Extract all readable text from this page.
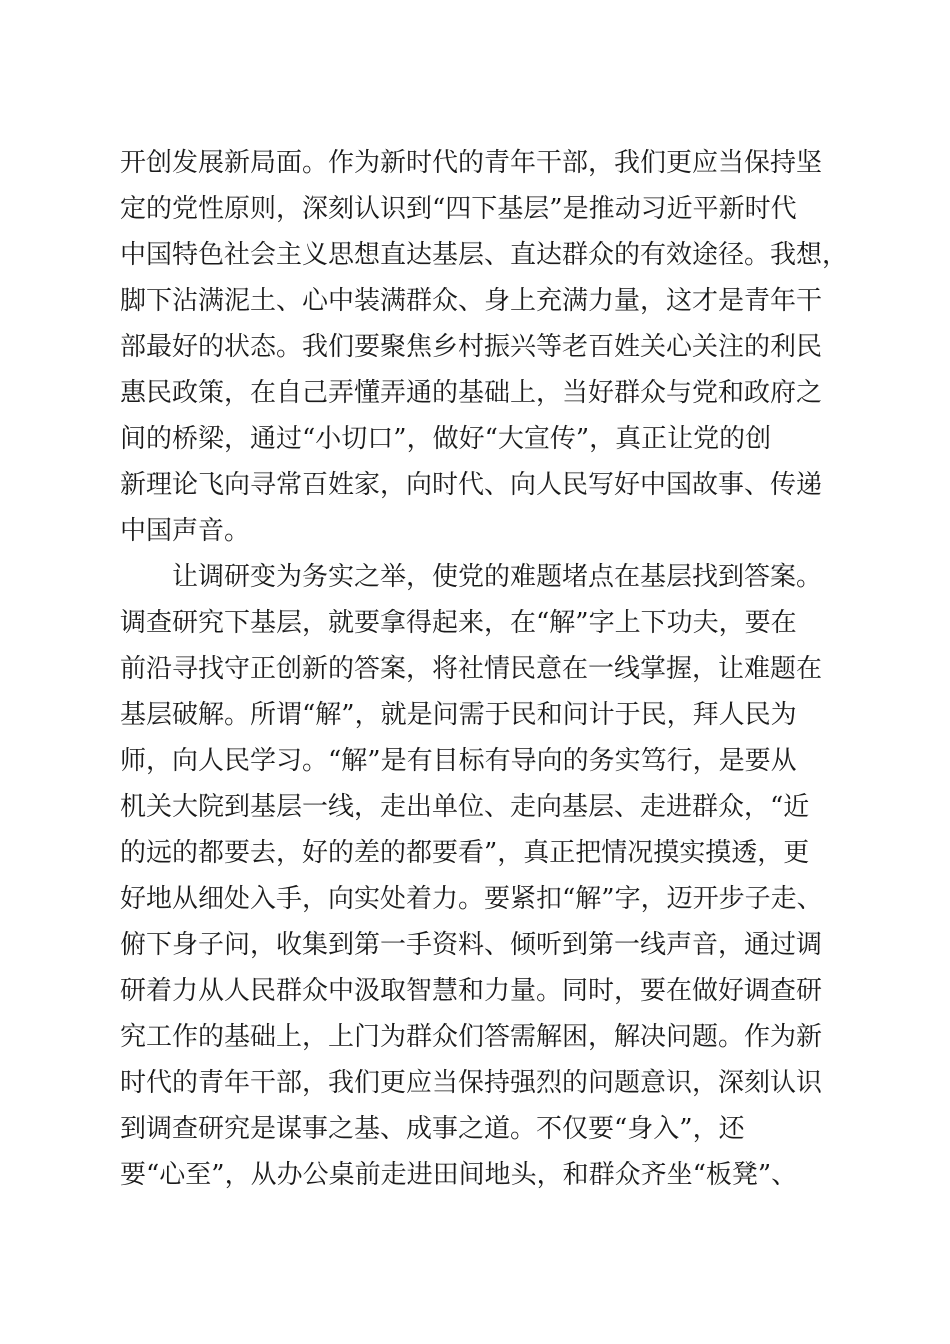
开创发展新局面。作为新时代的青年干部，我们更应当保持坚
定的党性原则，深刻认识到“四下基层”是推动习近平新时代
中国特色社会主义思想直达基层、直达群众的有效途径。我想，
脚下沾满泥土、心中装满群众、身上充满力量，这才是青年干
部最好的状态。我们要聚焦乡村振兴等老百姓关心关注的利民
惠民政策，在自己弄懂弄通的基础上，当好群众与党和政府之
间的桥梁，通过“小切口”，做好“大宣传”，真正让党的创
新理论飞向寻常百姓家，向时代、向人民写好中国故事、传递
中国声音。
　　让调研变为务实之举，使党的难题堵点在基层找到答案。
调查研究下基层，就要拿得起来，在“解”字上下功夫，要在
前沿寻找守正创新的答案，将社情民意在一线掌握，让难题在
基层破解。所谓“解”，就是问需于民和问计于民，拜人民为
师，向人民学习。“解”是有目标有导向的务实笃行，是要从
机关大院到基层一线，走出单位、走向基层、走进群众，“近
的远的都要去，好的差的都要看”，真正把情况摸实摸透，更
好地从细处入手，向实处着力。要紧扣“解”字，迈开步子走、
俯下身子问，收集到第一手资料、倾听到第一线声音，通过调
研着力从人民群众中汲取智慧和力量。同时，要在做好调查研
究工作的基础上，上门为群众们答需解困，解决问题。作为新
时代的青年干部，我们更应当保持强烈的问题意识，深刻认识
到调查研究是谋事之基、成事之道。不仅要“身入”，还
要“心至”，从办公桌前走进田间地头，和群众齐坐“板凳”、
